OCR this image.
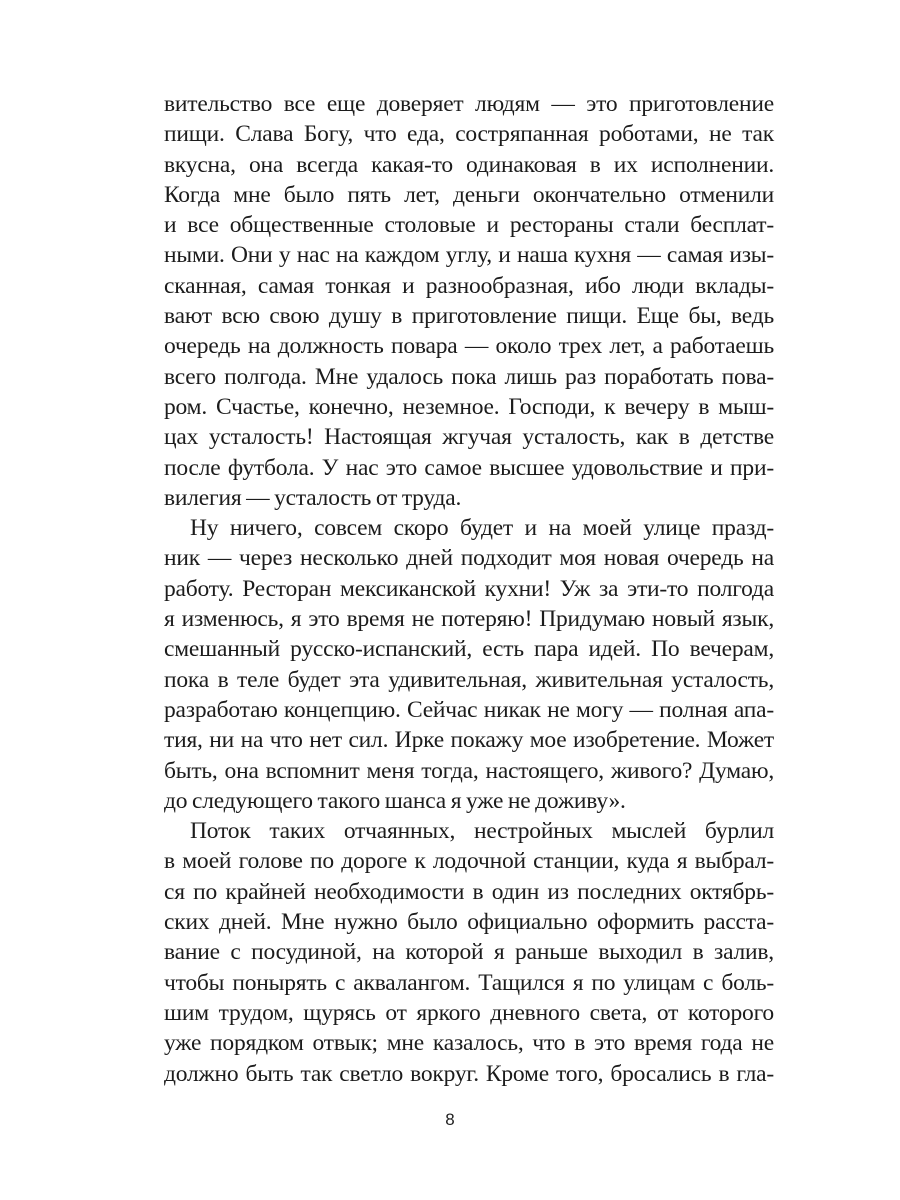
вительство все еще доверяет людям — это приготовление
пищи. Слава Богу, что еда, состряпанная роботами, не так
вкусна, она всегда какая-то одинаковая в их исполнении.
Когда мне было пять лет, деньги окончательно отменили
и все общественные столовые и рестораны стали бесплат-
ными. Они у нас на каждом углу, и наша кухня — самая изы-
сканная, самая тонкая и разнообразная, ибо люди вклады-
вают всю свою душу в приготовление пищи. Еще бы, ведь
очередь на должность повара — около трех лет, а работаешь
всего полгода. Мне удалось пока лишь раз поработать пова-
ром. Счастье, конечно, неземное. Господи, к вечеру в мыш-
цах усталость! Настоящая жгучая усталость, как в детстве
после футбола. У нас это самое высшее удовольствие и при-
вилегия — усталость от труда.
Ну ничего, совсем скоро будет и на моей улице празд-
ник — через несколько дней подходит моя новая очередь на
работу. Ресторан мексиканской кухни! Уж за эти-то полгода
я изменюсь, я это время не потеряю! Придумаю новый язык,
смешанный русско-испанский, есть пара идей. По вечерам,
пока в теле будет эта удивительная, живительная усталость,
разработаю концепцию. Сейчас никак не могу — полная апа-
тия, ни на что нет сил. Ирке покажу мое изобретение. Может
быть, она вспомнит меня тогда, настоящего, живого? Думаю,
до следующего такого шанса я уже не доживу».
Поток таких отчаянных, нестройных мыслей бурлил
в моей голове по дороге к лодочной станции, куда я выбрал-
ся по крайней необходимости в один из последних октябрь-
ских дней. Мне нужно было официально оформить расста-
вание с посудиной, на которой я раньше выходил в залив,
чтобы понырять с аквалангом. Тащился я по улицам с боль-
шим трудом, щурясь от яркого дневного света, от которого
уже порядком отвык; мне казалось, что в это время года не
должно быть так светло вокруг. Кроме того, бросались в гла-
8
